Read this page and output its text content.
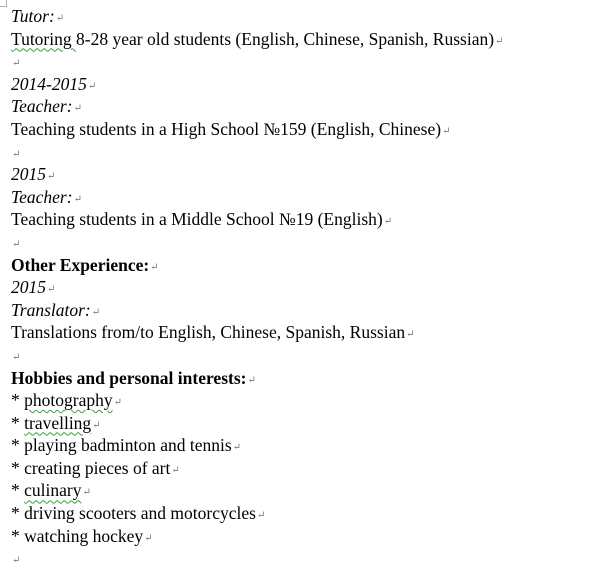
Tutor:↵
Tutoring 8-28 year old students (English, Chinese, Spanish, Russian)↵
↵
2014-2015↵
Teacher:↵
Teaching students in a High School №159 (English, Chinese)↵
↵
2015↵
Teacher:↵
Teaching students in a Middle School №19 (English)↵
↵
Other Experience:↵
2015↵
Translator:↵
Translations from/to English, Chinese, Spanish, Russian↵
↵
Hobbies and personal interests:↵
* photography↵
* travelling↵
* playing badminton and tennis↵
* creating pieces of art↵
* culinary↵
* driving scooters and motorcycles↵
* watching hockey↵
↵
